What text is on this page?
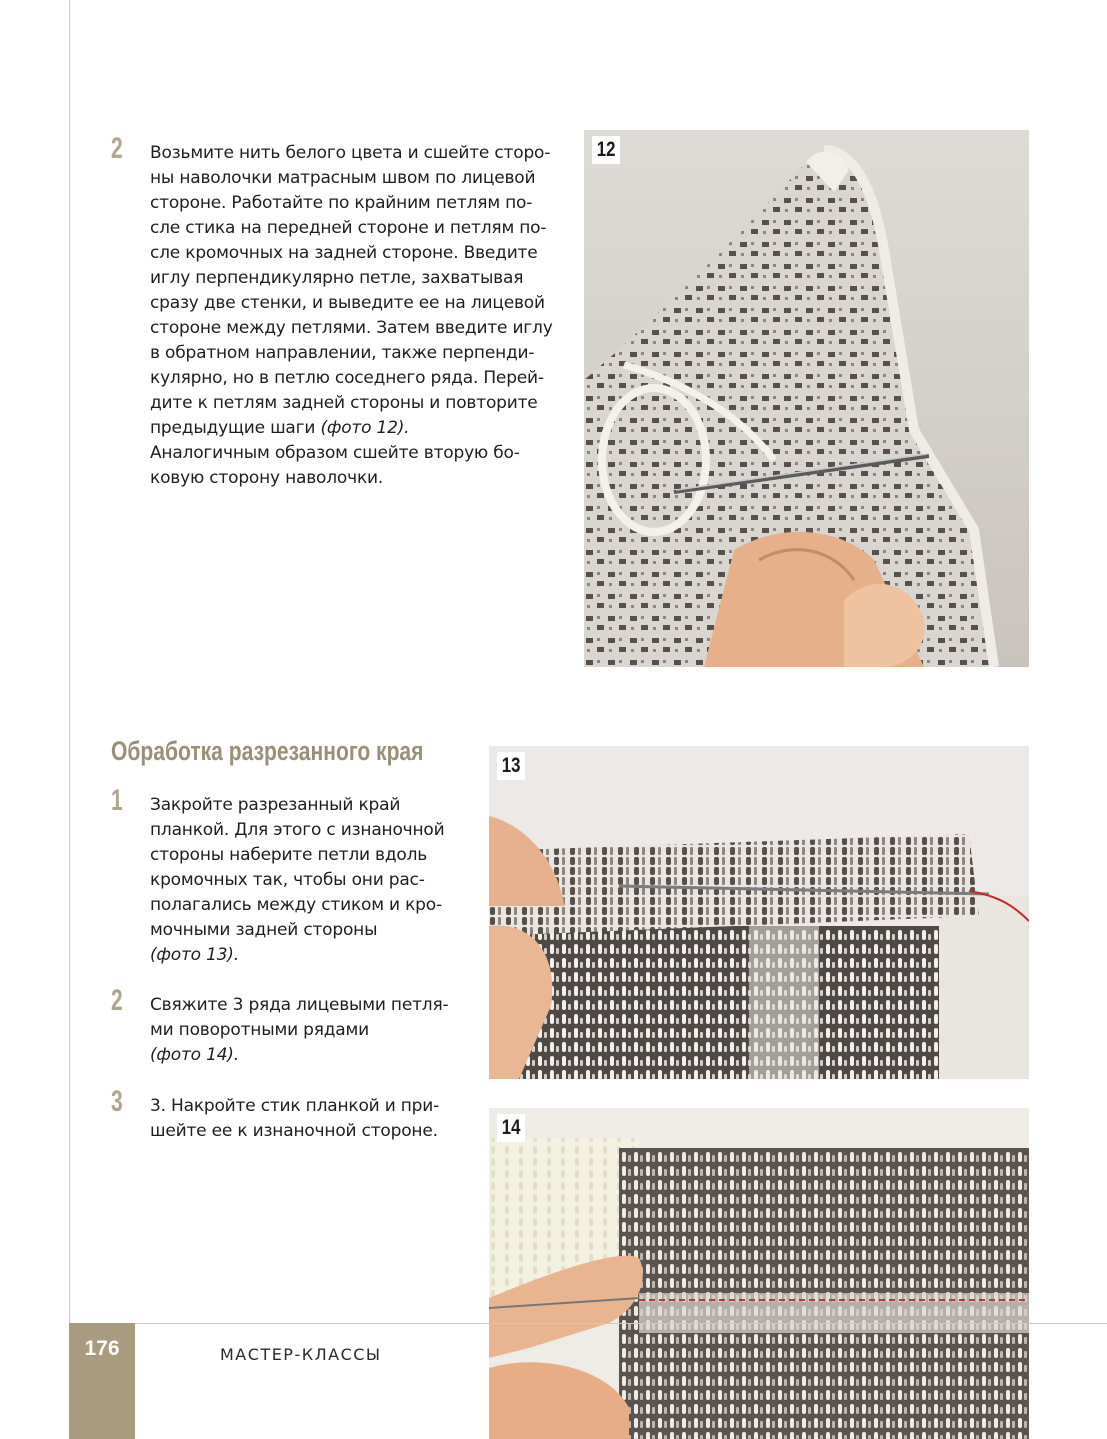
2 Возьмите нить белого цвета и сшейте сторо-
ны наволочки матрасным швом по лицевой
стороне. Работайте по крайним петлям по-
сле стика на передней стороне и петлям по-
сле кромочных на задней стороне. Введите
иглу перпендикулярно петле, захватывая
сразу две стенки, и выведите ее на лицевой
стороне между петлями. Затем введите иглу
в обратном направлении, также перпенди-
кулярно, но в петлю соседнего ряда. Перей-
дите к петлям задней стороны и повторите
предыдущие шаги (фото 12).
Аналогичным образом сшейте вторую бо-
ковую сторону наволочки.
12
Обработка разрезанного края
1 Закройте разрезанный край
планкой. Для этого с изнаночной
стороны наберите петли вдоль
кромочных так, чтобы они рас-
полагались между стиком и кро-
мочными задней стороны
(фото 13).
2 Свяжите 3 ряда лицевыми петля-
ми поворотными рядами
(фото 14).
3 3. Накройте стик планкой и при-
шейте ее к изнаночной стороне.
13
14
176	МАСТЕР-КЛАССЫ
